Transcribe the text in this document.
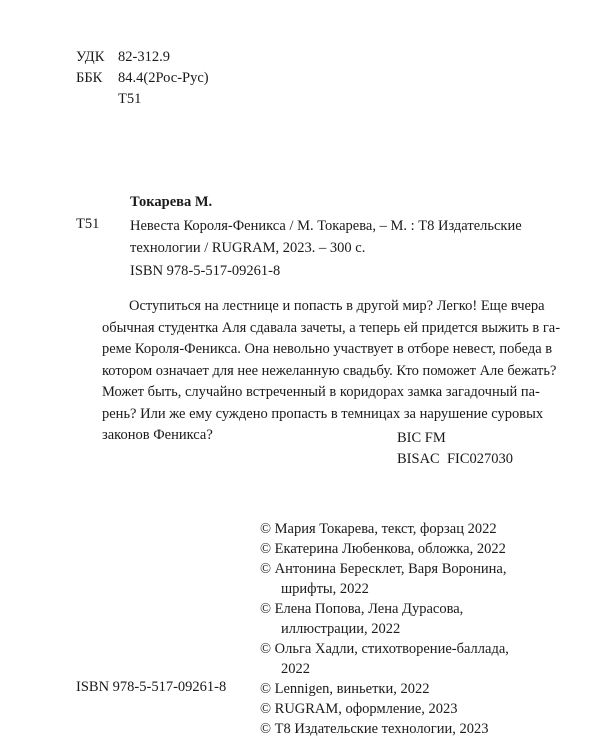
УДК 82-312.9
ББК 84.4(2Рос-Рус)
Т51
Токарева М.
Т51 Невеста Короля-Феникса / М. Токарева, – М. : Т8 Издательские
технологии / RUGRAM, 2023. – 300 с.
ISBN 978-5-517-09261-8
Оступиться на лестнице и попасть в другой мир? Легко! Еще вчера
обычная студентка Аля сдавала зачеты, а теперь ей придется выжить в га-
реме Короля-Феникса. Она невольно участвует в отборе невест, победа в
котором означает для нее нежеланную свадьбу. Кто поможет Але бежать?
Может быть, случайно встреченный в коридорах замка загадочный па-
рень? Или же ему суждено пропасть в темницах за нарушение суровых
законов Феникса?	BIC FM
BISAC  FIC027030
© Мария Токарева, текст, форзац 2022
© Екатерина Любенкова, обложка, 2022
© Антонина Бересклет, Варя Воронина,
шрифты, 2022
© Елена Попова, Лена Дурасова,
иллюстрации, 2022
© Ольга Хадли, стихотворение-баллада,
2022
© Lennigen, виньетки, 2022
© RUGRAM, оформление, 2023
© Т8 Издательские технологии, 2023
ISBN 978-5-517-09261-8
